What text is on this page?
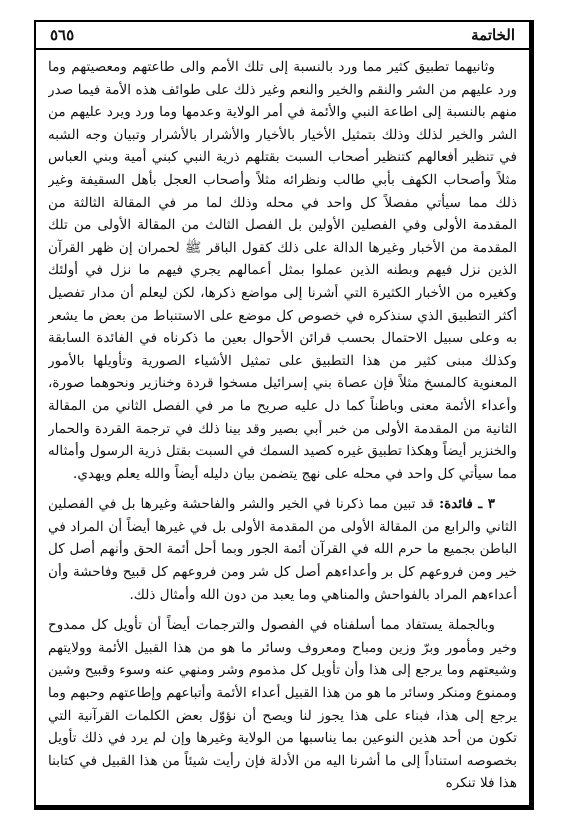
الخاتمة
٥٦٥

وثانيهما تطبيق كثير مما ورد بالنسبة إلى تلك الأمم والى طاعتهم ومعصيتهم وما ورد عليهم من الشر والنقم والخير والنعم وغير ذلك على طوائف هذه الأمة فيما صدر منهم بالنسبة إلى اطاعة النبي والأئمة في أمر الولاية وعدمها وما ورد ويرد عليهم من الشر والخير لذلك وذلك بتمثيل الأخيار بالأخيار والأشرار بالأشرار وتبيان وجه الشبه في تنظير أفعالهم كتنظير أصحاب السبت بقتلهم ذرية النبي كبني أمية وبني العباس مثلاً وأصحاب الكهف بأبي طالب ونظرائه مثلاً وأصحاب العجل بأهل السقيفة وغير ذلك مما سيأتي مفصلاً كل واحد في محله وذلك لما مر في المقالة الثالثة من المقدمة الأولى وفي الفصلين الأولين بل الفصل الثالث من المقالة الأولى من تلك المقدمة من الأخبار وغيرها الدالة على ذلك كقول الباقر ﷺ لحمران إن ظهر القرآن الذين نزل فيهم وبطنه الذين عملوا بمثل أعمالهم يجري فيهم ما نزل في أولئك وكغيره من الأخبار الكثيرة التي أشرنا إلى مواضع ذكرها، لكن ليعلم أن مدار تفصيل أكثر التطبيق الذي سنذكره في خصوص كل موضع على الاستنباط من بعض ما يشعر به وعلى سبيل الاحتمال بحسب قرائن الأحوال بعين ما ذكرناه في الفائدة السابقة وكذلك مبنى كثير من هذا التطبيق على تمثيل الأشياء الصورية وتأويلها بالأمور المعنوية كالمسخ مثلاً فإن عصاة بني إسرائيل مسخوا قردة وخنازير ونحوهما صورة، وأعداء الأئمة معنى وباطناً كما دل عليه صريح ما مر في الفصل الثاني من المقالة الثانية من المقدمة الأولى من خبر أبي بصير وقد بينا ذلك في ترجمة القردة والحمار والخنزير أيضاً وهكذا تطبيق غيره كصيد السمك في السبت بقتل ذرية الرسول وأمثاله مما سيأتي كل واحد في محله على نهج يتضمن بيان دليله أيضاً والله يعلم ويهدي.

٣ ـ فائدة: قد تبين مما ذكرنا في الخير والشر والفاحشة وغيرها بل في الفصلين الثاني والرابع من المقالة الأولى من المقدمة الأولى بل في غيرها أيضاً أن المراد في الباطن بجميع ما حرم الله في القرآن أئمة الجور وبما أحل أئمة الحق وأنهم أصل كل خير ومن فروعهم كل بر وأعداءهم أصل كل شر ومن فروعهم كل قبيح وفاحشة وأن أعداءهم المراد بالفواحش والمناهي وما يعبد من دون الله وأمثال ذلك.

وبالجملة يستفاد مما أسلفناه في الفصول والترجمات أيضاً أن تأويل كل ممدوح وخير ومأمور وبرّ وزين ومباح ومعروف وسائر ما هو من هذا القبيل الأئمة وولايتهم وشيعتهم وما يرجع إلى هذا وأن تأويل كل مذموم وشر ومنهي عنه وسوء وقبيح وشين وممنوع ومنكر وسائر ما هو من هذا القبيل أعداء الأئمة وأتباعهم وإطاعتهم وحبهم وما يرجع إلى هذا، فبناء على هذا يجوز لنا ويصح أن نؤوّل بعض الكلمات القرآنية التي تكون من أحد هذين النوعين بما يناسبها من الولاية وغيرها وإن لم يرد في ذلك تأويل بخصوصه استناداً إلى ما أشرنا اليه من الأدلة فإن رأيت شيئاً من هذا القبيل في كتابنا هذا فلا تنكره
